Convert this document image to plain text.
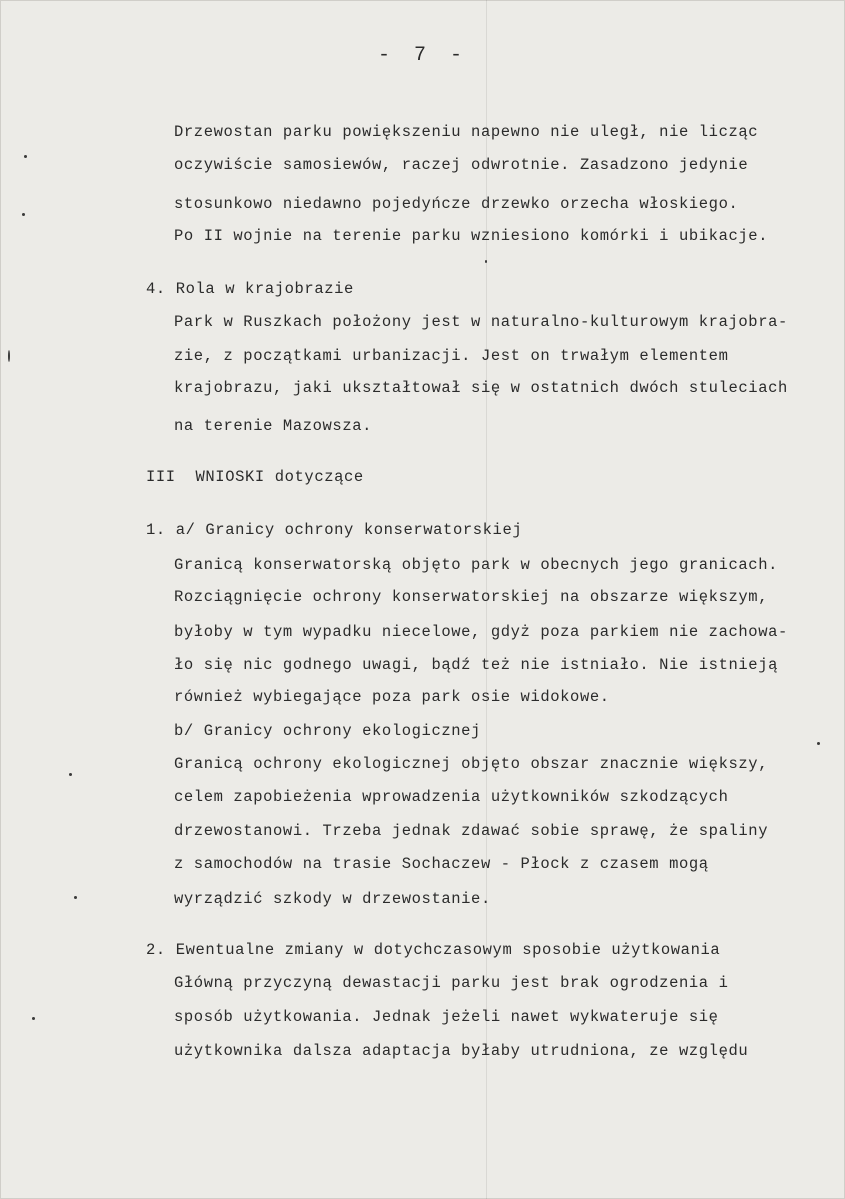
- 7 -
Drzewostan parku powiększeniu napewno nie uległ, nie licząc
oczywiście samosiewów, raczej odwrotnie. Zasadzono jedynie
stosunkowo niedawno pojedyńcze drzewko orzecha włoskiego.
Po II wojnie na terenie parku wzniesiono komórki i ubikacje.
4. Rola w krajobrazie
Park w Ruszkach położony jest w naturalno-kulturowym krajobra-
zie, z początkami urbanizacji. Jest on trwałym elementem
krajobrazu, jaki ukształtował się w ostatnich dwóch stuleciach
na terenie Mazowsza.
III  WNIOSKI dotyczące
1. a/ Granicy ochrony konserwatorskiej
Granicą konserwatorską objęto park w obecnych jego granicach.
Rozciągnięcie ochrony konserwatorskiej na obszarze większym,
byłoby w tym wypadku niecelowe, gdyż poza parkiem nie zachowa-
ło się nic godnego uwagi, bądź też nie istniało. Nie istnieją
również wybiegające poza park osie widokowe.
b/ Granicy ochrony ekologicznej
Granicą ochrony ekologicznej objęto obszar znacznie większy,
celem zapobieżenia wprowadzenia użytkowników szkodzących
drzewostanowi. Trzeba jednak zdawać sobie sprawę, że spaliny
z samochodów na trasie Sochaczew - Płock z czasem mogą
wyrządzić szkody w drzewostanie.
2. Ewentualne zmiany w dotychczasowym sposobie użytkowania
Główną przyczyną dewastacji parku jest brak ogrodzenia i
sposób użytkowania. Jednak jeżeli nawet wykwateruje się
użytkownika dalsza adaptacja byłaby utrudniona, ze względu
